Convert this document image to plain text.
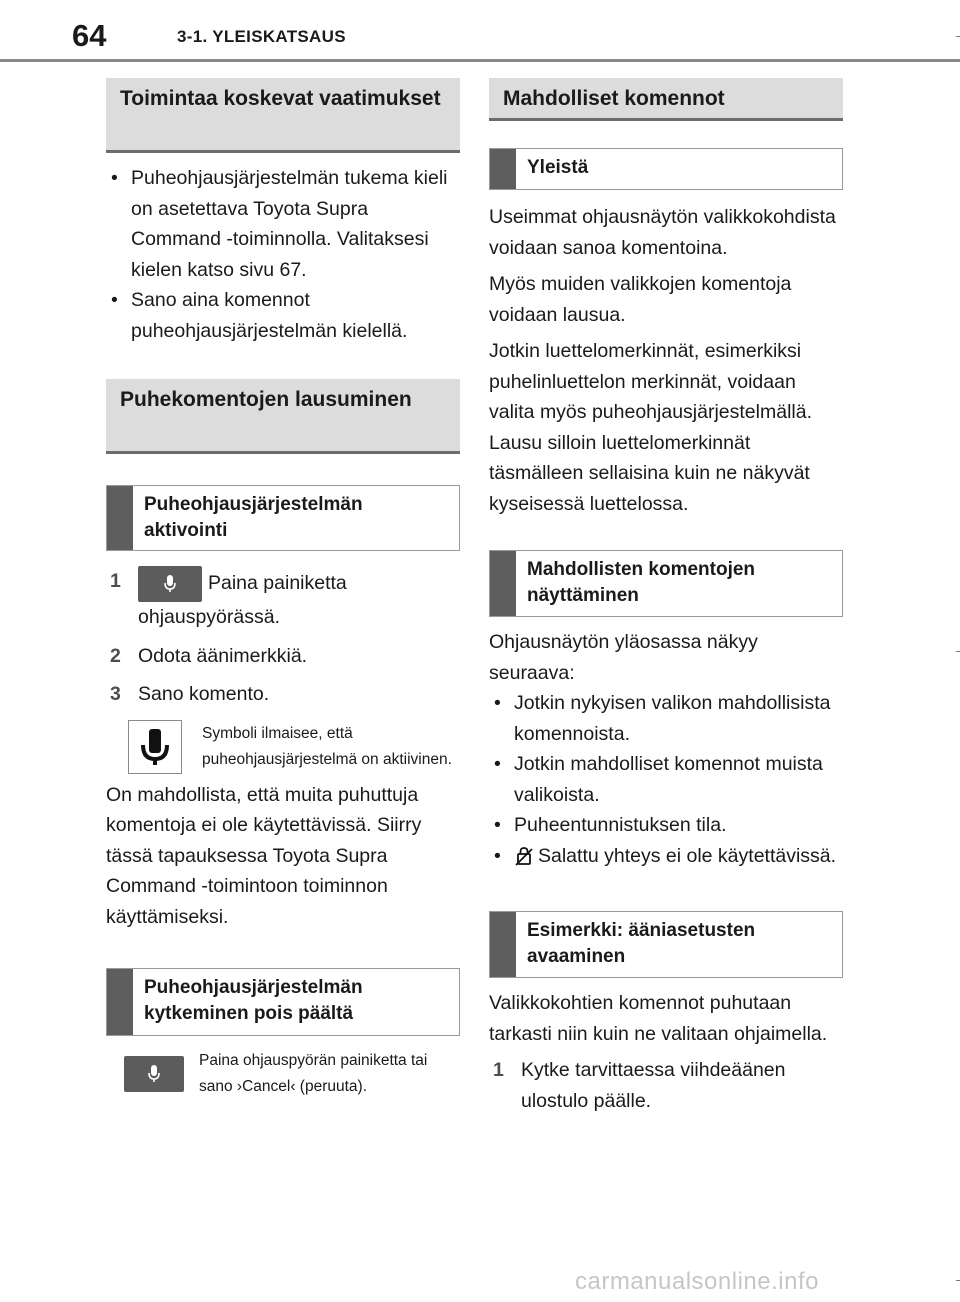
64	3-1. YLEISKATSAUS
Toimintaa koskevat vaatimukset
• Puheohjausjärjestelmän tukema kieli on asetettava Toyota Supra Command -toiminnolla. Valitaksesi kielen katso sivu 67.
• Sano aina komennot puheohjausjärjestelmän kielellä.
Puhekomentojen lausuminen
Puheohjausjärjestelmän aktivointi
1	Paina painiketta ohjauspyörässä.
2 Odota äänimerkkiä.
3 Sano komento.
Symboli ilmaisee, että puheohjausjärjestelmä on aktiivinen.

On mahdollista, että muita puhuttuja komentoja ei ole käytettävissä. Siirry tässä tapauksessa Toyota Supra Command -toimintoon toiminnon käyttämiseksi.

Puheohjausjärjestelmän kytkeminen pois päältä
Paina ohjauspyörän painiketta tai sano ›Cancel‹ (peruuta).
Mahdolliset komennot
Yleistä

Useimmat ohjausnäytön valikkokohdista voidaan sanoa komentoina.

Myös muiden valikkojen komentoja voidaan lausua.

Jotkin luettelomerkinnät, esimerkiksi puhelinluettelon merkinnät, voidaan valita myös puheohjausjärjestelmällä. Lausu silloin luettelomerkinnät täsmälleen sellaisina kuin ne näkyvät kyseisessä luettelossa.

Mahdollisten komentojen näyttäminen

Ohjausnäytön yläosassa näkyy seuraava:

• Jotkin nykyisen valikon mahdollisista komennoista.
• Jotkin mahdolliset komennot muista valikoista.
• Puheentunnistuksen tila.
• Salattu yhteys ei ole käytettävissä.
Esimerkki: ääniasetusten avaaminen

Valikkokohtien komennot puhutaan tarkasti niin kuin ne valitaan ohjaimella.

1 Kytke tarvittaessa viihdeäänen ulostulo päälle.
carmanualsonline.info
